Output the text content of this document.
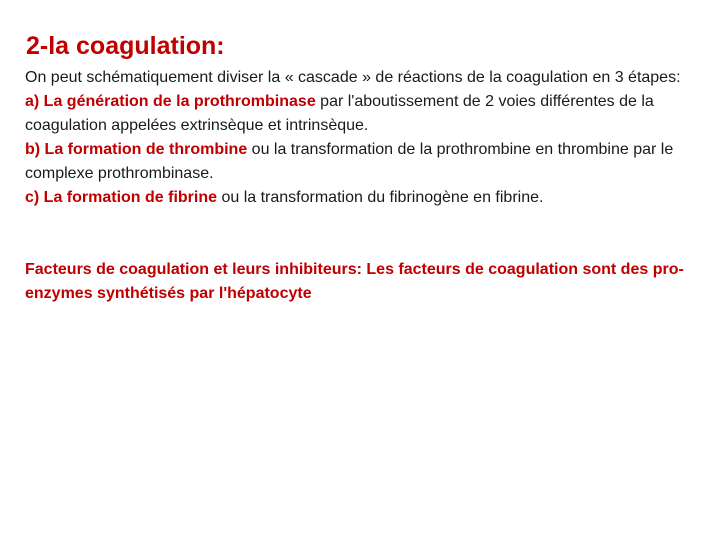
2-la coagulation:

On peut schématiquement diviser la « cascade » de réactions de la coagulation en 3 étapes:

a) La génération de la prothrombinase par l'aboutissement de 2 voies différentes de la coagulation appelées extrinsèque et intrinsèque.

b) La formation de thrombine ou la transformation de la prothrombine en thrombine par le complexe prothrombinase.

c) La formation de fibrine ou la transformation du fibrinogène en fibrine.

Facteurs de coagulation et leurs inhibiteurs: Les facteurs de coagulation sont des pro-enzymes synthétisés par l'hépatocyte
